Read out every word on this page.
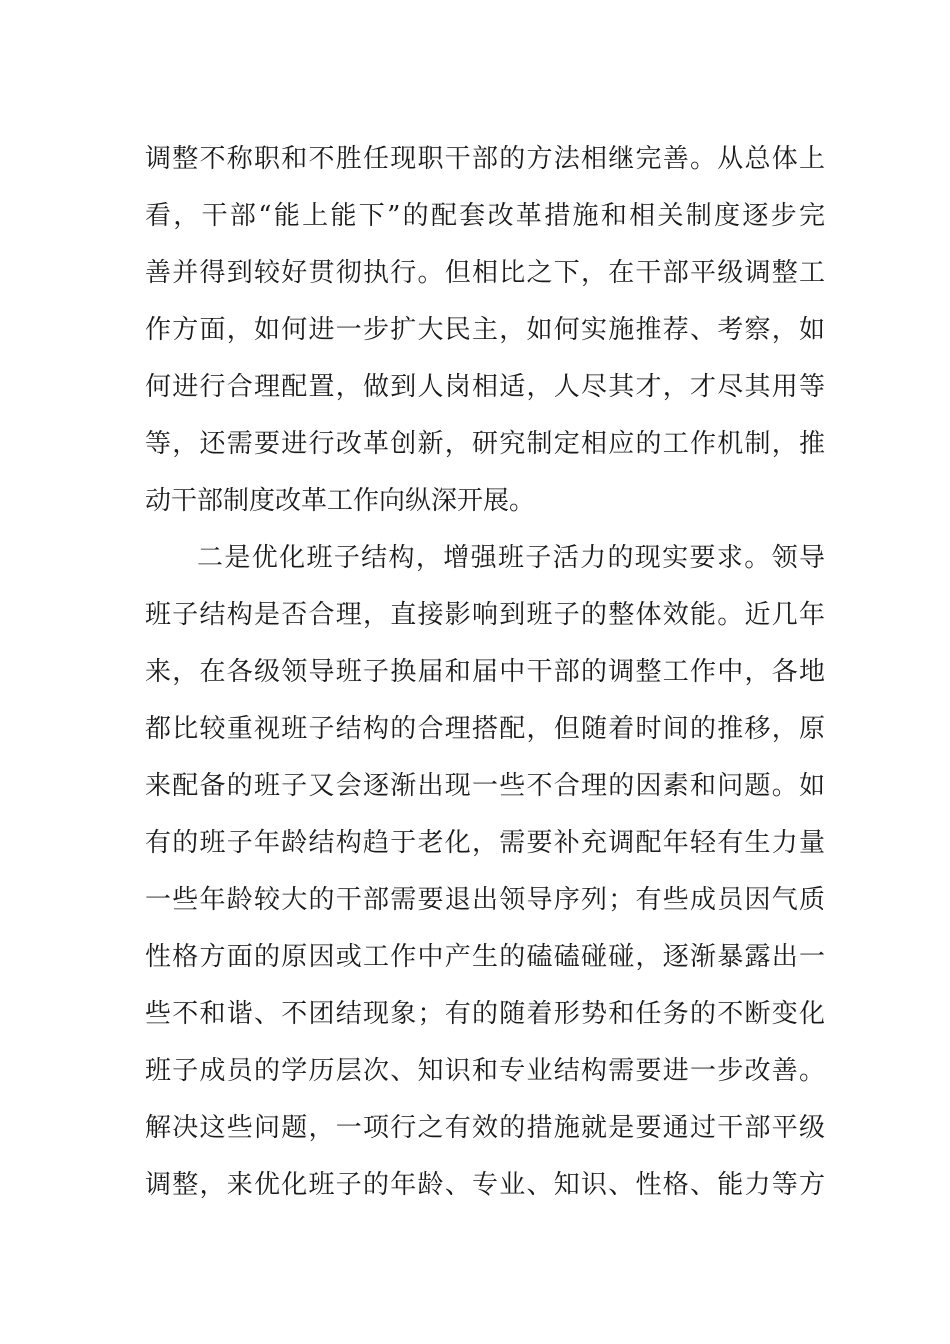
调整不称职和不胜任现职干部的方法相继完善。从总体上
看，干部“能上能下”的配套改革措施和相关制度逐步完
善并得到较好贯彻执行。但相比之下，在干部平级调整工
作方面，如何进一步扩大民主，如何实施推荐、考察，如
何进行合理配置，做到人岗相适，人尽其才，才尽其用等
等，还需要进行改革创新，研究制定相应的工作机制，推
动干部制度改革工作向纵深开展。
二是优化班子结构，增强班子活力的现实要求。领导
班子结构是否合理，直接影响到班子的整体效能。近几年
来，在各级领导班子换届和届中干部的调整工作中，各地
都比较重视班子结构的合理搭配，但随着时间的推移，原
来配备的班子又会逐渐出现一些不合理的因素和问题。如
有的班子年龄结构趋于老化，需要补充调配年轻有生力量
一些年龄较大的干部需要退出领导序列；有些成员因气质
性格方面的原因或工作中产生的磕磕碰碰，逐渐暴露出一
些不和谐、不团结现象；有的随着形势和任务的不断变化
班子成员的学历层次、知识和专业结构需要进一步改善。
解决这些问题，一项行之有效的措施就是要通过干部平级
调整，来优化班子的年龄、专业、知识、性格、能力等方
